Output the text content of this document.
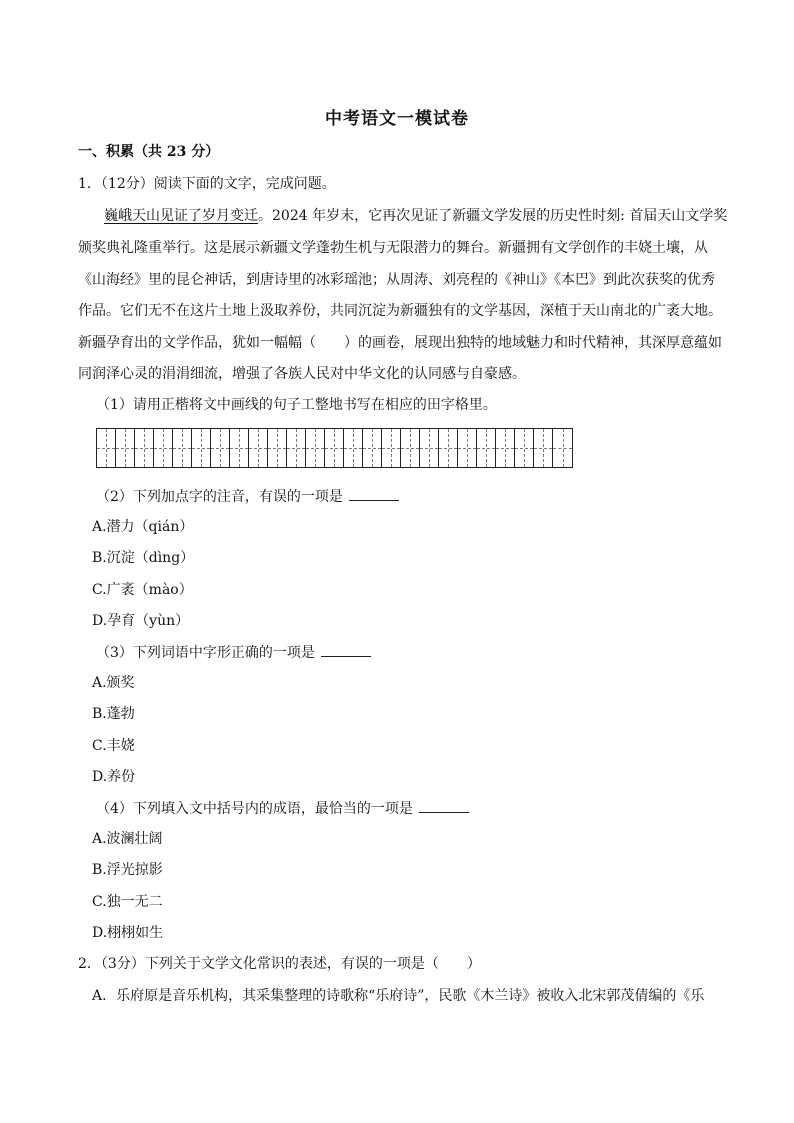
中考语文一模试卷
一、积累（共 23 分）
1．（12分）阅读下面的文字，完成问题。
巍峨天山见证了岁月变迁。2024 年岁末，它再次见证了新疆文学发展的历史性时刻: 首届天山文学奖
颁奖典礼隆重举行。这是展示新疆文学蓬勃生机与无限潜力的舞台。新疆拥有文学创作的丰娆土壤，从
《山海经》里的昆仑神话，到唐诗里的冰彩瑶池；从周涛、刘亮程的《神山》《本巴》到此次获奖的优秀
作品。它们无不在这片土地上汲取养份，共同沉淀为新疆独有的文学基因，深植于天山南北的广袤大地。
新疆孕育出的文学作品，犹如一幅幅（　　）的画卷，展现出独特的地域魅力和时代精神，其深厚意蕴如
同润泽心灵的涓涓细流，增强了各族人民对中华文化的认同感与自豪感。
（1）请用正楷将文中画线的句子工整地书写在相应的田字格里。
（2）下列加点字的注音，有误的一项是
A.潜力（qián）
B.沉淀（dìng）
C.广袤（mào）
D.孕育（yùn）
（3）下列词语中字形正确的一项是
A.颁奖
B.蓬勃
C.丰娆
D.养份
（4）下列填入文中括号内的成语，最恰当的一项是
A.波澜壮阔
B.浮光掠影
C.独一无二
D.栩栩如生
2．（3分）下列关于文学文化常识的表述，有误的一项是（　　）
A．乐府原是音乐机构，其采集整理的诗歌称“乐府诗”，民歌《木兰诗》被收入北宋郭茂倩编的《乐
